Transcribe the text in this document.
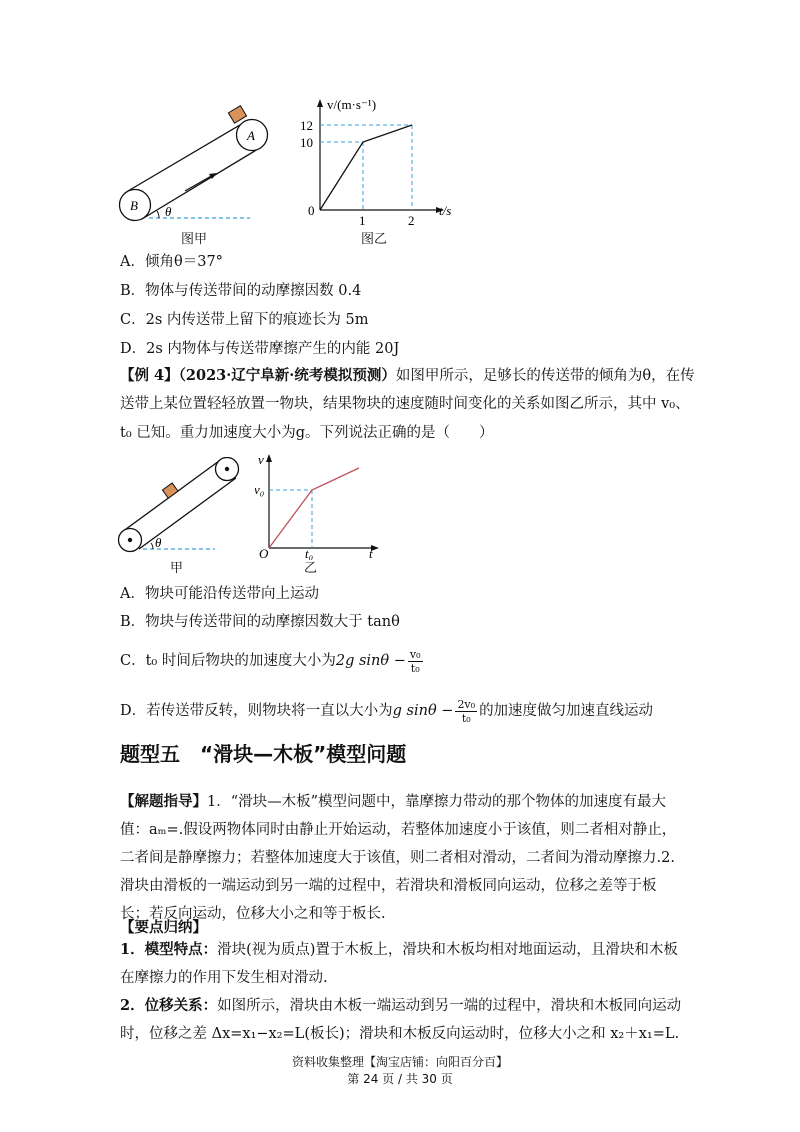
B
A
θ
图甲
v/(m·s⁻¹)
12
10
0
1	2
t/s
图乙
A．倾角θ＝37°
B．物体与传送带间的动摩擦因数 0.4
C．2s 内传送带上留下的痕迹长为 5m
D．2s 内物体与传送带摩擦产生的内能 20J
【例 4】（2023·辽宁阜新·统考模拟预测）如图甲所示，足够长的传送带的倾角为θ，在传
送带上某位置轻轻放置一物块，结果物块的速度随时间变化的关系如图乙所示，其中 v₀、
t₀ 已知。重力加速度大小为g。下列说法正确的是（　　）
θ
甲
v
v₀
O	t₀	t
乙
A．物块可能沿传送带向上运动
B．物块与传送带间的动摩擦因数大于 tanθ
C．t₀ 时间后物块的加速度大小为2g $\sin\theta - \frac{\text{v₀}}{\text{t₀}}$
D．若传送带反转，则物块将一直以大小为g $\sin\theta - \frac{\text{2v₀}}{\text{t₀}}$ 的加速度做匀加速直线运动
题型五　“滑块—木板”模型问题
【解题指导】1．“滑块—木板”模型问题中，靠摩擦力带动的那个物体的加速度有最大值：aₘ=.假设两物体同时由静止开始运动，若整体加速度小于该值，则二者相对静止，二者间是静摩擦力；若整体加速度大于该值，则二者相对滑动，二者间为滑动摩擦力.2.滑块由滑板的一端运动到另一端的过程中，若滑块和滑板同向运动，位移之差等于板长；若反向运动，位移大小之和等于板长.
【要点归纳】
1．模型特点：滑块(视为质点)置于木板上，滑块和木板均相对地面运动，且滑块和木板在摩擦力的作用下发生相对滑动.
2．位移关系：如图所示，滑块由木板一端运动到另一端的过程中，滑块和木板同向运动时，位移之差 Δx=x₁−x₂=L(板长)；滑块和木板反向运动时，位移大小之和 x₂＋x₁=L.
资料收集整理【淘宝店铺：向阳百分百】
第 24 页 / 共 30 页
